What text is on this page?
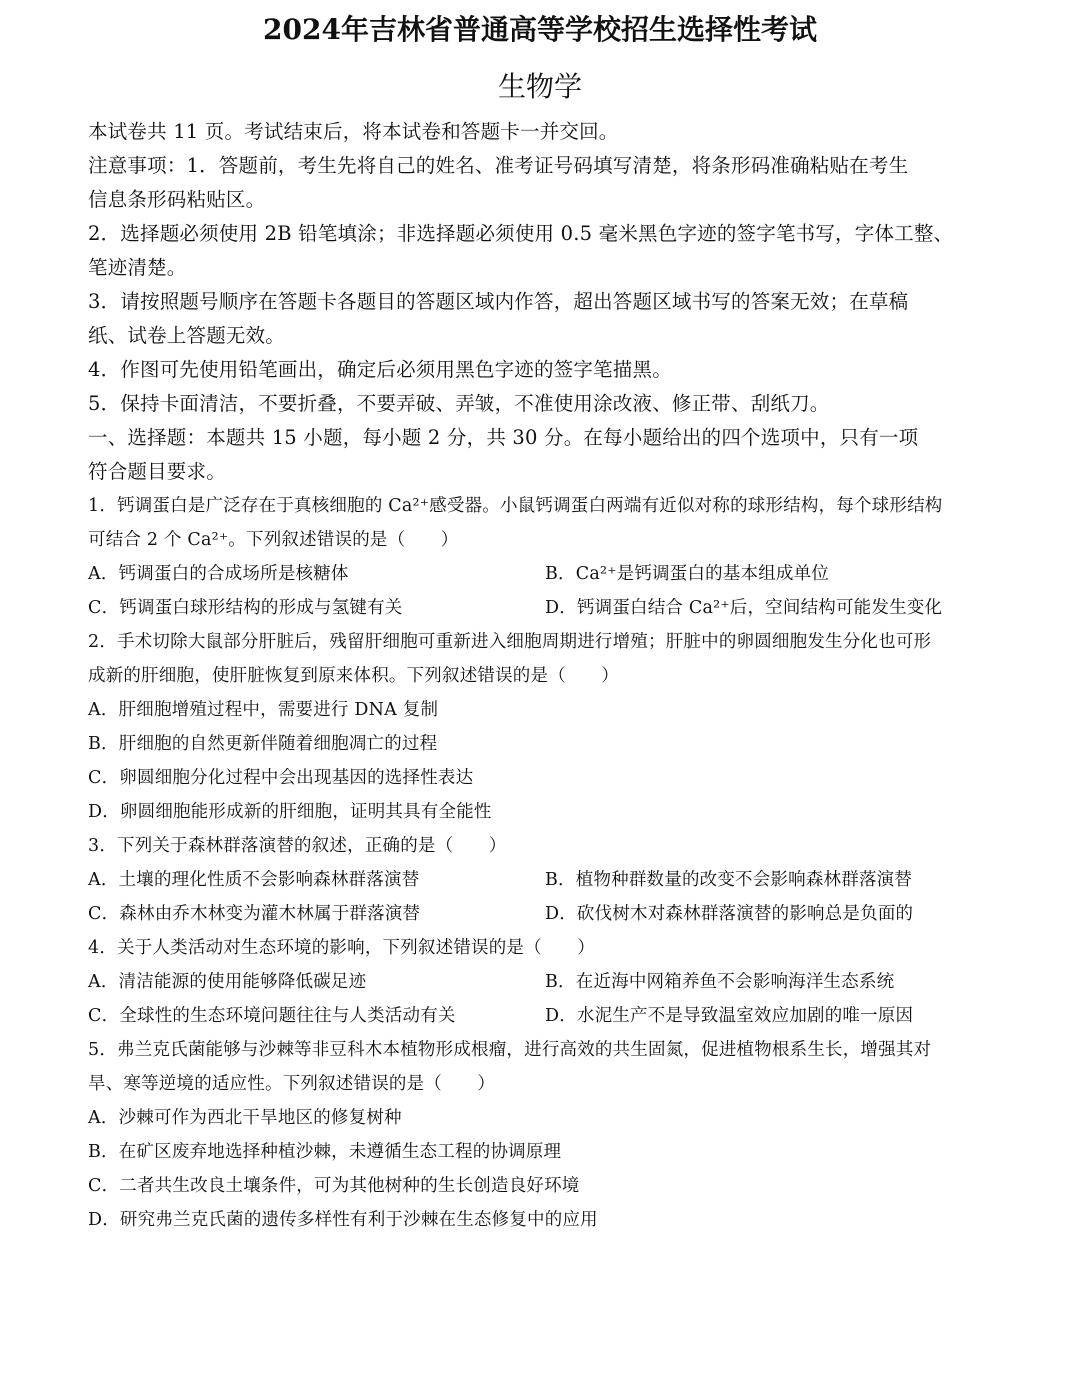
2024年吉林省普通高等学校招生选择性考试
生物学
本试卷共 11 页。考试结束后，将本试卷和答题卡一并交回。
注意事项：1．答题前，考生先将自己的姓名、准考证号码填写清楚，将条形码准确粘贴在考生
信息条形码粘贴区。
2．选择题必须使用 2B 铅笔填涂；非选择题必须使用 0.5 毫米黑色字迹的签字笔书写，字体工整、
笔迹清楚。
3．请按照题号顺序在答题卡各题目的答题区域内作答，超出答题区域书写的答案无效；在草稿
纸、试卷上答题无效。
4．作图可先使用铅笔画出，确定后必须用黑色字迹的签字笔描黑。
5．保持卡面清洁，不要折叠，不要弄破、弄皱，不准使用涂改液、修正带、刮纸刀。
一、选择题：本题共 15 小题，每小题 2 分，共 30 分。在每小题给出的四个选项中，只有一项
符合题目要求。
1．钙调蛋白是广泛存在于真核细胞的 Ca²⁺感受器。小鼠钙调蛋白两端有近似对称的球形结构，每个球形结构
可结合 2 个 Ca²⁺。下列叙述错误的是（　　）
A．钙调蛋白的合成场所是核糖体	B．Ca²⁺是钙调蛋白的基本组成单位
C．钙调蛋白球形结构的形成与氢键有关	D．钙调蛋白结合 Ca²⁺后，空间结构可能发生变化
2．手术切除大鼠部分肝脏后，残留肝细胞可重新进入细胞周期进行增殖；肝脏中的卵圆细胞发生分化也可形
成新的肝细胞，使肝脏恢复到原来体积。下列叙述错误的是（　　）
A．肝细胞增殖过程中，需要进行 DNA 复制
B．肝细胞的自然更新伴随着细胞凋亡的过程
C．卵圆细胞分化过程中会出现基因的选择性表达
D．卵圆细胞能形成新的肝细胞，证明其具有全能性
3．下列关于森林群落演替的叙述，正确的是（　　）
A．土壤的理化性质不会影响森林群落演替	B．植物种群数量的改变不会影响森林群落演替
C．森林由乔木林变为灌木林属于群落演替	D．砍伐树木对森林群落演替的影响总是负面的
4．关于人类活动对生态环境的影响，下列叙述错误的是（　　）
A．清洁能源的使用能够降低碳足迹	B．在近海中网箱养鱼不会影响海洋生态系统
C．全球性的生态环境问题往往与人类活动有关	D．水泥生产不是导致温室效应加剧的唯一原因
5．弗兰克氏菌能够与沙棘等非豆科木本植物形成根瘤，进行高效的共生固氮，促进植物根系生长，增强其对
旱、寒等逆境的适应性。下列叙述错误的是（　　）
A．沙棘可作为西北干旱地区的修复树种
B．在矿区废弃地选择种植沙棘，未遵循生态工程的协调原理
C．二者共生改良土壤条件，可为其他树种的生长创造良好环境
D．研究弗兰克氏菌的遗传多样性有利于沙棘在生态修复中的应用
